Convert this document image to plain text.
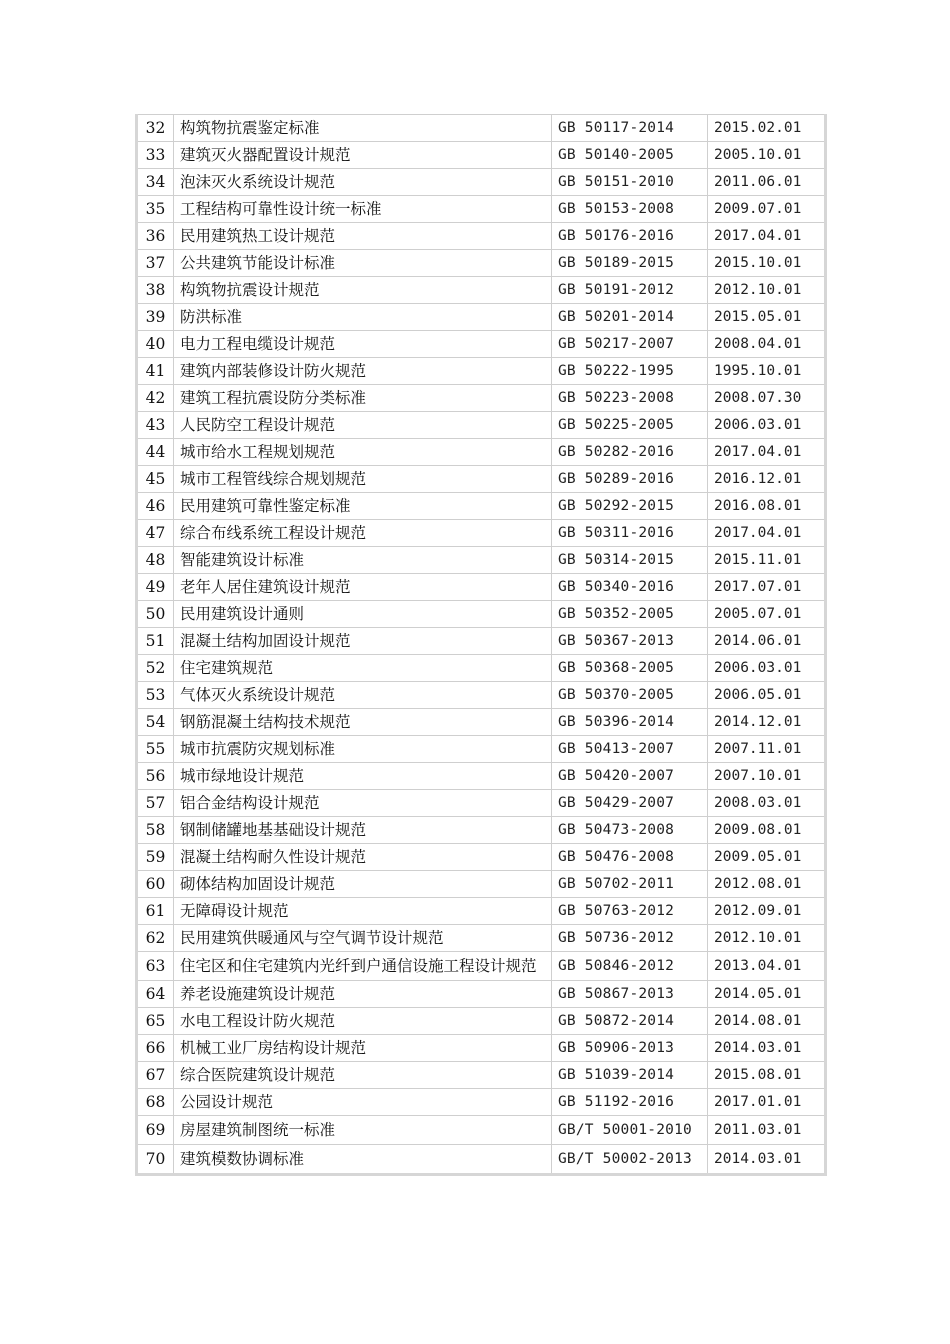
32	构筑物抗震鉴定标准	GB 50117-2014	2015.02.01
33	建筑灭火器配置设计规范	GB 50140-2005	2005.10.01
34	泡沫灭火系统设计规范	GB 50151-2010	2011.06.01
35	工程结构可靠性设计统一标准	GB 50153-2008	2009.07.01
36	民用建筑热工设计规范	GB 50176-2016	2017.04.01
37	公共建筑节能设计标准	GB 50189-2015	2015.10.01
38	构筑物抗震设计规范	GB 50191-2012	2012.10.01
39	防洪标准	GB 50201-2014	2015.05.01
40	电力工程电缆设计规范	GB 50217-2007	2008.04.01
41	建筑内部装修设计防火规范	GB 50222-1995	1995.10.01
42	建筑工程抗震设防分类标准	GB 50223-2008	2008.07.30
43	人民防空工程设计规范	GB 50225-2005	2006.03.01
44	城市给水工程规划规范	GB 50282-2016	2017.04.01
45	城市工程管线综合规划规范	GB 50289-2016	2016.12.01
46	民用建筑可靠性鉴定标准	GB 50292-2015	2016.08.01
47	综合布线系统工程设计规范	GB 50311-2016	2017.04.01
48	智能建筑设计标准	GB 50314-2015	2015.11.01
49	老年人居住建筑设计规范	GB 50340-2016	2017.07.01
50	民用建筑设计通则	GB 50352-2005	2005.07.01
51	混凝土结构加固设计规范	GB 50367-2013	2014.06.01
52	住宅建筑规范	GB 50368-2005	2006.03.01
53	气体灭火系统设计规范	GB 50370-2005	2006.05.01
54	钢筋混凝土结构技术规范	GB 50396-2014	2014.12.01
55	城市抗震防灾规划标准	GB 50413-2007	2007.11.01
56	城市绿地设计规范	GB 50420-2007	2007.10.01
57	铝合金结构设计规范	GB 50429-2007	2008.03.01
58	钢制储罐地基基础设计规范	GB 50473-2008	2009.08.01
59	混凝土结构耐久性设计规范	GB 50476-2008	2009.05.01
60	砌体结构加固设计规范	GB 50702-2011	2012.08.01
61	无障碍设计规范	GB 50763-2012	2012.09.01
62	民用建筑供暖通风与空气调节设计规范	GB 50736-2012	2012.10.01
63	住宅区和住宅建筑内光纤到户通信设施工程设计规范	GB 50846-2012	2013.04.01
64	养老设施建筑设计规范	GB 50867-2013	2014.05.01
65	水电工程设计防火规范	GB 50872-2014	2014.08.01
66	机械工业厂房结构设计规范	GB 50906-2013	2014.03.01
67	综合医院建筑设计规范	GB 51039-2014	2015.08.01
68	公园设计规范	GB 51192-2016	2017.01.01
69	房屋建筑制图统一标准	GB/T 50001-2010	2011.03.01
70	建筑模数协调标准	GB/T 50002-2013	2014.03.01
